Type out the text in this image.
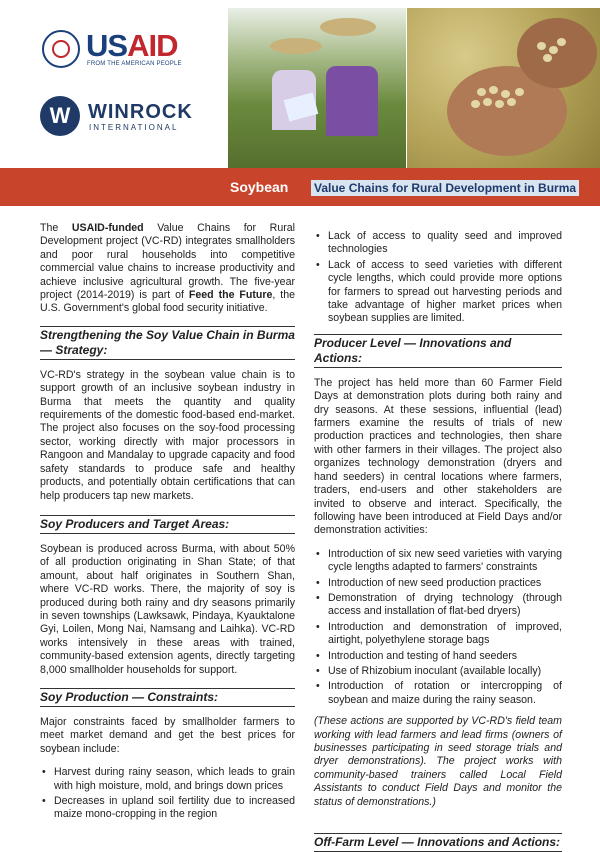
USAID
FROM THE AMERICAN PEOPLE
W WINROCK
INTERNATIONAL
Soybean Value Chains for Rural Development in Burma

The USAID-funded Value Chains for Rural Development project (VC-RD) integrates smallholders and poor rural households into competitive commercial value chains to increase productivity and achieve inclusive agricultural growth. The five-year project (2014-2019) is part of Feed the Future, the U.S. Government's global food security initiative.

Strengthening the Soy Value Chain in Burma — Strategy:

VC-RD's strategy in the soybean value chain is to support growth of an inclusive soybean industry in Burma that meets the quantity and quality requirements of the domestic food-based end-market. The project also focuses on the soy-food processing sector, working directly with major processors in Rangoon and Mandalay to upgrade capacity and food safety standards to produce safe and healthy products, and potentially obtain certifications that can help producers tap new markets.

Soy Producers and Target Areas:

Soybean is produced across Burma, with about 50% of all production originating in Shan State; of that amount, about half originates in Southern Shan, where VC-RD works. There, the majority of soy is produced during both rainy and dry seasons primarily in seven townships (Lawksawk, Pindaya, Kyauktalone Gyi, Loilen, Mong Nai, Namsang and Laihka). VC-RD works intensively in these areas with trained, community-based extension agents, directly targeting 8,000 smallholder households for support.

Soy Production — Constraints:

Major constraints faced by smallholder farmers to meet market demand and get the best prices for soybean include:

• Harvest during rainy season, which leads to grain with high moisture, mold, and brings down prices
• Decreases in upland soil fertility due to increased maize mono-cropping in the region
• Lack of access to quality seed and improved technologies
• Lack of access to seed varieties with different cycle lengths, which could provide more options for farmers to spread out harvesting periods and take advantage of higher market prices when soybean supplies are limited.
Producer Level — Innovations and Actions:

The project has held more than 60 Farmer Field Days at demonstration plots during both rainy and dry seasons. At these sessions, influential (lead) farmers examine the results of trials of new production practices and technologies, then share with other farmers in their villages. The project also organizes technology demonstration (dryers and hand seeders) in central locations where farmers, traders, end-users and other stakeholders are invited to observe and interact. Specifically, the following have been introduced at Field Days and/or demonstration activities:

• Introduction of six new seed varieties with varying cycle lengths adapted to farmers' constraints
• Introduction of new seed production practices
• Demonstration of drying technology (through access and installation of flat-bed dryers)
• Introduction and demonstration of improved, airtight, polyethylene storage bags
• Introduction and testing of hand seeders
• Use of Rhizobium inoculant (available locally)
• Introduction of rotation or intercropping of soybean and maize during the rainy season.

(These actions are supported by VC-RD's field team working with lead farmers and lead firms (owners of businesses participating in seed storage trials and dryer demonstrations). The project works with community-based trainers called Local Field Assistants to conduct Field Days and monitor the status of demonstrations.)

Off-Farm Level — Innovations and Actions:
